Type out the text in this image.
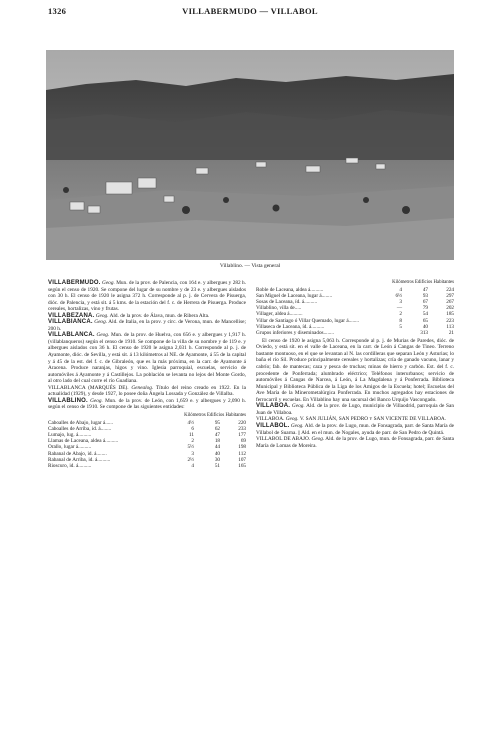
1326	VILLABERMUDO — VILLABOL
Villablino. — Vista general

VILLABERMUDO. Geog. Mun. de la prov. de Palencia, con 164 e. y albergues y 282 h. según el censo de 1920. Se compone del lugar de su nombre y de 23 e. y albergues aislados con 30 h. El censo de 1920 le asigna 372 h. Corresponde al p. j. de Cervera de Pisuerga, dióc. de Palencia, y está sit. á 5 kms. de la estación del f. c. de Herrera de Pisuerga. Produce cereales, hortalizas, vino y frutas.

VILLABEZANA. Geog. Ald. de la prov. de Álava, mun. de Ribera Alta.

VILLABIANCA. Geog. Ald. de Italia, en la prov. y circ. de Verona, mun. de Mancellise; 200 h.

VILLABLANCA. Geog. Mun. de la prov. de Huelva, con 656 e. y albergues y 1,917 h. (villablanqueros) según el censo de 1910. Se compone de la villa de su nombre y de 119 e. y albergues aislados con 36 h. El censo de 1920 le asigna 2,031 h. Corresponde al p. j. de Ayamonte, dióc. de Sevilla, y está sit. á 13 kilómetros al NE. de Ayamonte, á 55 de la capital y á 45 de la est. del f. c. de Gibraleón, que es la más próxima, en la carr. de Ayamonte á Aracena. Produce naranjas, higos y vino. Iglesia parroquial, escuelas, servicio de automóviles á Ayamonte y á Castillejos. La población se levanta no lejos del Monte Gordo, al otro lado del cual corre el río Guadiana.

VILLABLANCA (MARQUÉS DE). Genealog. Título del reino creado en 1922. En la actualidad (1929), y desde 1927, lo posee doña Ángela Lossada y González de Villalba.

VILLABLINO. Geog. Mun. de la prov. de León, con 1,659 e. y albergues y 2,090 h. según el censo de 1910. Se compone de las siguientes entidades:

Kilómetros Edificios Habitantes			
Caboalles de Abajo, lugar á......	4½	95	220
Caboalles de Arriba, id. á........	6	62	233
Lumajo, lug. á..........	11	47	177
Llamas de Laceana, aldea á..........	2	18	69
Orallo, lugar á..........	5½	44	198
Rabanal de Abajo, id. á........	3	40	112
Rabanal de Arriba, id. á..........	2½	30	107
Rioscuro, id. á..........	4	51	165
Kilómetros Edificios Habitantes			
Roble de Laceana, aldea á..........	4	47	224
San Miguel de Laceana, lugar á........	6½	93	297
Sosas de Laceana, íd. á..........	3	67	267
Villablino, villa de.....	—	79	202
Villager, aldea á..........	2	54	185
Villar de Santiago ó Villar Quemado, lugar á........	8	65	223
Villaseca de Laceana, íd. á..........	5	40	113
Grupos inferiores y diseminados........		313	21

El censo de 1920 le asigna 5,063 h. Corresponde al p. j. de Murias de Paredes, dióc. de Oviedo, y está sit. en el valle de Laceana, en la carr. de León á Cangas de Tineo. Terreno bastante montuoso, en el que se levantan al N. las cordilleras que separan León y Asturias; lo baña el río Sil. Produce principalmente cereales y hortalizas; cría de ganado vacuno, lanar y cabrío; fab. de mantecas; caza y pesca de truchas; minas de hierro y carbón. Est. del f. c. procedente de Ponferrada; alumbrado eléctrico; Teléfonos interurbanos; servicio de automóviles á Cangas de Narcea, á León, á La Magdalena y á Ponferrada. Biblioteca Municipal y Biblioteca Pública de la Liga de los Amigos de la Escuela; hotel; Escuelas del Ave María de la Minerometalúrgica Ponferrada. En muchos agregados hay estaciones de ferrocarril y escuelas. En Villablino hay una sucursal del Banco Urquijo Vascongado.

VILLABOA. Geog. Ald. de la prov. de Lugo, municipio de Villaodrid, parroquia de San Juan de Villaboa.

VILLABOA. Geog. V. SAN JULIÁN, SAN PEDRO y SAN VICENTE DE VILLABOA.

VILLABOL. Geog. Ald. de la prov. de Lugo, mun. de Fonsagrada, parr. de Santa María de Villabol de Suarna. || Ald. en el mun. de Nogales, ayuda de parr. de San Pedro de Quintá.

VILLABOL DE ABAJO. Geog. Ald. de la prov. de Lugo, mun. de Fonsagrada, parr. de Santa María de Lomas de Moreira.
